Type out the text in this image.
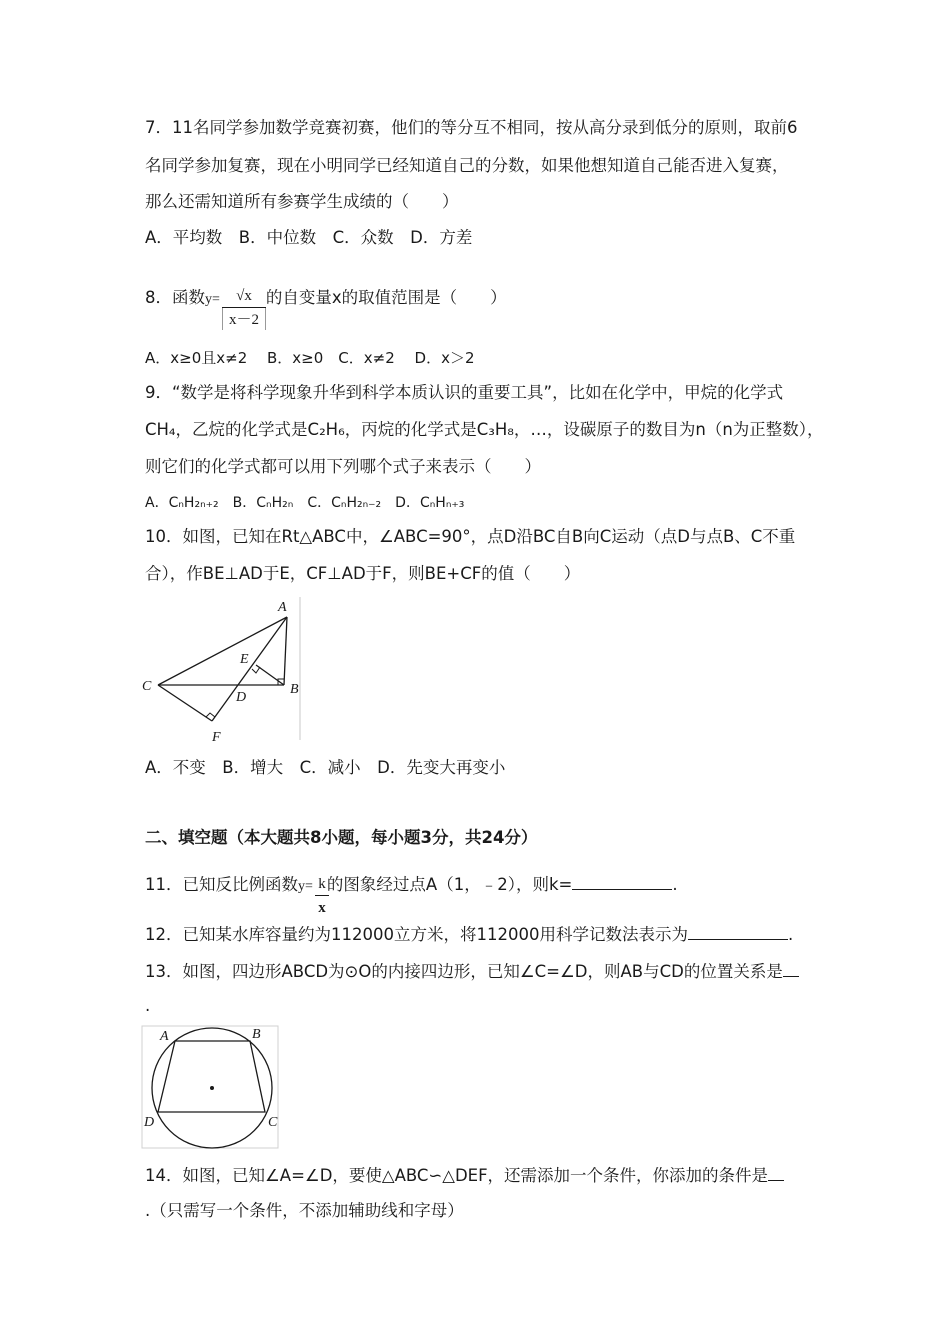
7．11名同学参加数学竞赛初赛，他们的等分互不相同，按从高分录到低分的原则，取前6
名同学参加复赛，现在小明同学已经知道自己的分数，如果他想知道自己能否进入复赛，
那么还需知道所有参赛学生成绩的（　　）
A．平均数　B．中位数　C．众数　D．方差
8．函数y=	的自变量x的取值范围是（　　）
$\frac{√x}{x-2}$
A．x≥0且x≠2　 B．x≥0　C．x≠2　 D．x＞2
9．“数学是将科学现象升华到科学本质认识的重要工具”，比如在化学中，甲烷的化学式
CH₄，乙烷的化学式是C₂H₆，丙烷的化学式是C₃H₈，…，设碳原子的数目为n（n为正整数），
则它们的化学式都可以用下列哪个式子来表示（　　）
A．CₙH₂ₙ₊₂　B．CₙH₂ₙ　C．CₙH₂ₙ₋₂　D．CₙHₙ₊₃
10．如图，已知在Rt△ABC中，∠ABC=90°，点D沿BC自B向C运动（点D与点B、C不重
合），作BE⊥AD于E，CF⊥AD于F，则BE+CF的值（　　）
A
B
C
D
E
F
A．不变　B．增大　C．减小　D．先变大再变小
二、填空题（本大题共8小题，每小题3分，共24分）
11．已知反比例函数y= 的图象经过点A（1，﹣2），则k=	.
$\frac{k}{x}$
12．已知某水库容量约为112000立方米，将112000用科学记数法表示为	.
13．如图，四边形ABCD为⊙O的内接四边形，已知∠C=∠D，则AB与CD的位置关系是
.
A	B
C
D
14．如图，已知∠A=∠D，要使△ABC∽△DEF，还需添加一个条件，你添加的条件是
.（只需写一个条件，不添加辅助线和字母）
